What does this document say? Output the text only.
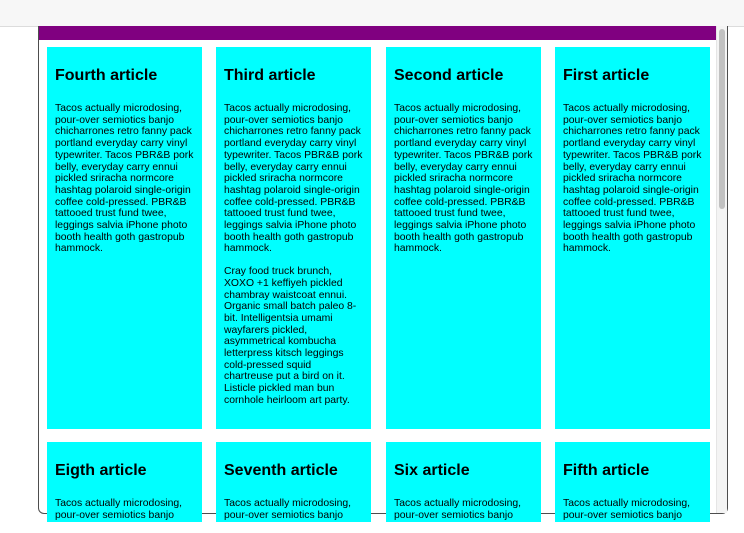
Fourth article

Tacos actually microdosing, pour-over semiotics banjo chicharrones retro fanny pack portland everyday carry vinyl typewriter. Tacos PBR&B pork belly, everyday carry ennui pickled sriracha normcore hashtag polaroid single-origin coffee cold-pressed. PBR&B tattooed trust fund twee, leggings salvia iPhone photo booth health goth gastropub hammock.

Third article

Tacos actually microdosing, pour-over semiotics banjo chicharrones retro fanny pack portland everyday carry vinyl typewriter. Tacos PBR&B pork belly, everyday carry ennui pickled sriracha normcore hashtag polaroid single-origin coffee cold-pressed. PBR&B tattooed trust fund twee, leggings salvia iPhone photo booth health goth gastropub hammock.

Cray food truck brunch, XOXO +1 keffiyeh pickled chambray waistcoat ennui. Organic small batch paleo 8-bit. Intelligentsia umami wayfarers pickled, asymmetrical kombucha letterpress kitsch leggings cold-pressed squid chartreuse put a bird on it. Listicle pickled man bun cornhole heirloom art party.

Second article

Tacos actually microdosing, pour-over semiotics banjo chicharrones retro fanny pack portland everyday carry vinyl typewriter. Tacos PBR&B pork belly, everyday carry ennui pickled sriracha normcore hashtag polaroid single-origin coffee cold-pressed. PBR&B tattooed trust fund twee, leggings salvia iPhone photo booth health goth gastropub hammock.

First article

Tacos actually microdosing, pour-over semiotics banjo chicharrones retro fanny pack portland everyday carry vinyl typewriter. Tacos PBR&B pork belly, everyday carry ennui pickled sriracha normcore hashtag polaroid single-origin coffee cold-pressed. PBR&B tattooed trust fund twee, leggings salvia iPhone photo booth health goth gastropub hammock.

Eigth article

Tacos actually microdosing, pour-over semiotics banjo

Seventh article

Tacos actually microdosing, pour-over semiotics banjo

Six article

Tacos actually microdosing, pour-over semiotics banjo

Fifth article

Tacos actually microdosing, pour-over semiotics banjo
